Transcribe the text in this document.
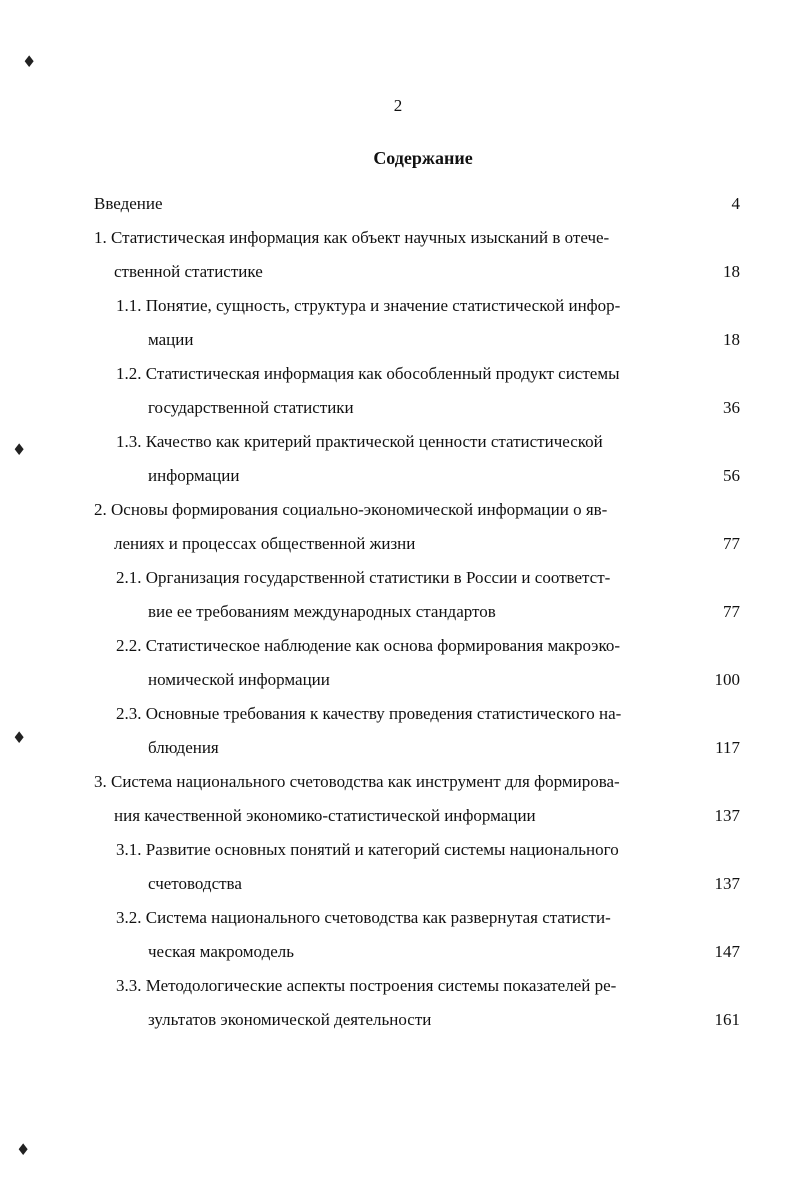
♦
♦
♦
♦
2
Содержание
Введение	4
1. Статистическая информация как объект научных изысканий в отече-
ственной статистике	18
1.1. Понятие, сущность, структура и значение статистической инфор-
мации	18
1.2. Статистическая информация как обособленный продукт системы
государственной статистики	36
1.3. Качество как критерий практической ценности статистической
информации	56
2. Основы формирования социально-экономической информации о яв-
лениях и процессах общественной жизни	77
2.1. Организация государственной статистики в России и соответст-
вие ее требованиям международных стандартов	77
2.2. Статистическое наблюдение как основа формирования макроэко-
номической информации	100
2.3. Основные требования к качеству проведения статистического на-
блюдения	117
3. Система национального счетоводства как инструмент для формирова-
ния качественной экономико-статистической информации	137
3.1. Развитие основных понятий и категорий системы национального
счетоводства	137
3.2. Система национального счетоводства как развернутая статисти-
ческая макромодель	147
3.3. Методологические аспекты построения системы показателей ре-
зультатов экономической деятельности	161
